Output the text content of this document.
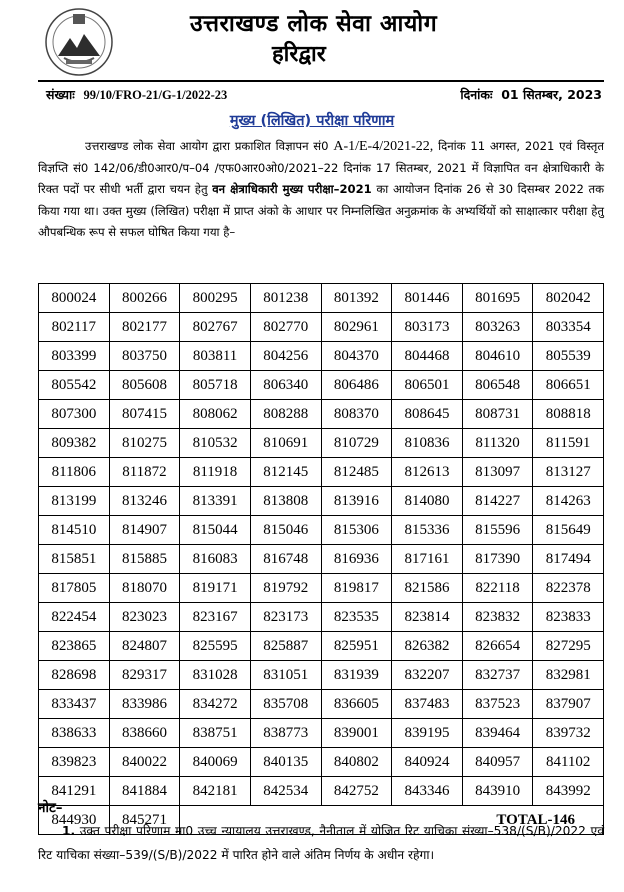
उत्तराखण्ड लोक सेवा आयोग
हरिद्वार
संख्याः 99/10/FRO-21/G-1/2022-23	दिनांकः 01 सितम्बर, 2023
मुख्य (लिखित) परीक्षा परिणाम
उत्तराखण्ड लोक सेवा आयोग द्वारा प्रकाशित विज्ञापन सं0 A-1/E-4/2021-22, दिनांक 11 अगस्त, 2021 एवं विस्तृत विज्ञप्ति सं0 142/06/डी0आर0/प–04 /एफ0आर0ओ0/2021–22 दिनांक 17 सितम्बर, 2021 में विज्ञापित वन क्षेत्राधिकारी के रिक्त पदों पर सीधी भर्ती द्वारा चयन हेतु वन क्षेत्राधिकारी मुख्य परीक्षा–2021 का आयोजन दिनांक 26 से 30 दिसम्बर 2022 तक किया गया था। उक्त मुख्य (लिखित) परीक्षा में प्राप्त अंको के आधार पर निम्नलिखित अनुक्रमांक के अभ्यर्थियों को साक्षात्कार परीक्षा हेतु औपबन्धिक रूप से सफल घोषित किया गया है–
800024	800266	800295	801238	801392	801446	801695	802042
802117	802177	802767	802770	802961	803173	803263	803354
803399	803750	803811	804256	804370	804468	804610	805539
805542	805608	805718	806340	806486	806501	806548	806651
807300	807415	808062	808288	808370	808645	808731	808818
809382	810275	810532	810691	810729	810836	811320	811591
811806	811872	811918	812145	812485	812613	813097	813127
813199	813246	813391	813808	813916	814080	814227	814263
814510	814907	815044	815046	815306	815336	815596	815649
815851	815885	816083	816748	816936	817161	817390	817494
817805	818070	819171	819792	819817	821586	822118	822378
822454	823023	823167	823173	823535	823814	823832	823833
823865	824807	825595	825887	825951	826382	826654	827295
828698	829317	831028	831051	831939	832207	832737	832981
833437	833986	834272	835708	836605	837483	837523	837907
838633	838660	838751	838773	839001	839195	839464	839732
839823	840022	840069	840135	840802	840924	840957	841102
841291	841884	842181	842534	842752	843346	843910	843992
844930	845271	TOTAL-146					
नोट–
1. उक्त परीक्षा परिणाम मा0 उच्च न्यायालय उत्तराखण्ड, नैनीताल में योजित रिट याचिका संख्या–538/(S/B)/2022 एवं रिट याचिका संख्या–539/(S/B)/2022 में पारित होने वाले अंतिम निर्णय के अधीन रहेगा।
